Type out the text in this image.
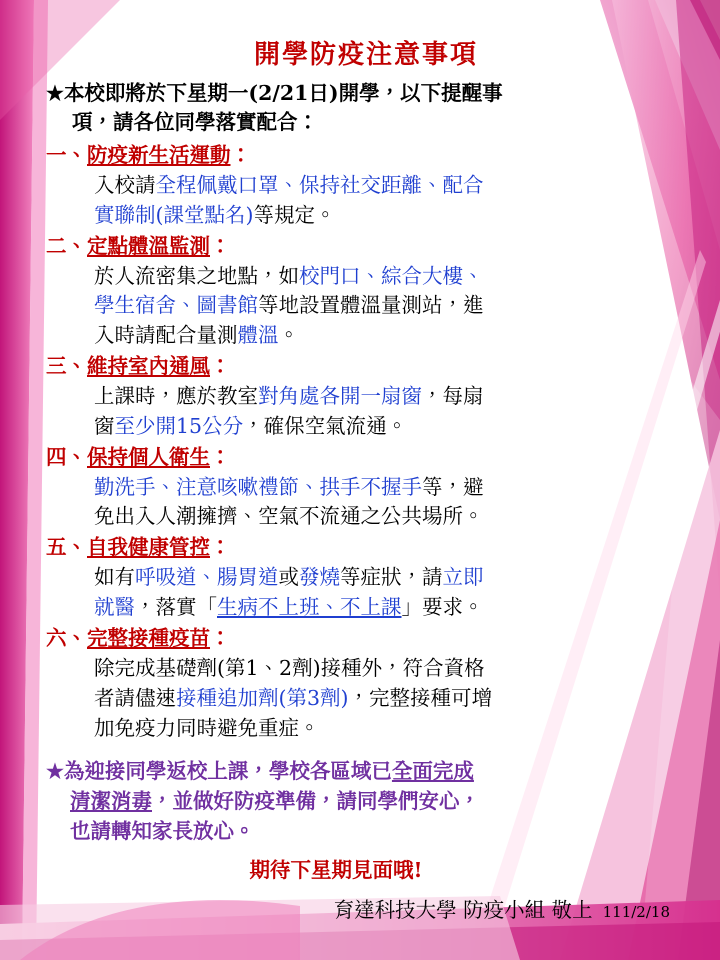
開學防疫注意事項
★本校即將於下星期一(2/21日)開學，以下提醒事
項，請各位同學落實配合：
一、防疫新生活運動：
入校請全程佩戴口罩、保持社交距離、配合
實聯制(課堂點名)等規定。
二、定點體溫監測：
於人流密集之地點，如校門口、綜合大樓、
學生宿舍、圖書館等地設置體溫量測站，進
入時請配合量測體溫。
三、維持室內通風：
上課時，應於教室對角處各開一扇窗，每扇
窗至少開15公分，確保空氣流通。
四、保持個人衛生：
勤洗手、注意咳嗽禮節、拱手不握手等，避
免出入人潮擁擠、空氣不流通之公共場所。
五、自我健康管控：
如有呼吸道、腸胃道或發燒等症狀，請立即
就醫，落實「生病不上班、不上課」要求。
六、完整接種疫苗：
除完成基礎劑(第1、2劑)接種外，符合資格
者請儘速接種追加劑(第3劑)，完整接種可增
加免疫力同時避免重症。
★為迎接同學返校上課，學校各區域已全面完成
清潔消毒，並做好防疫準備，請同學們安心，
也請轉知家長放心。
期待下星期見面哦!
育達科技大學 防疫小組 敬上 111/2/18
